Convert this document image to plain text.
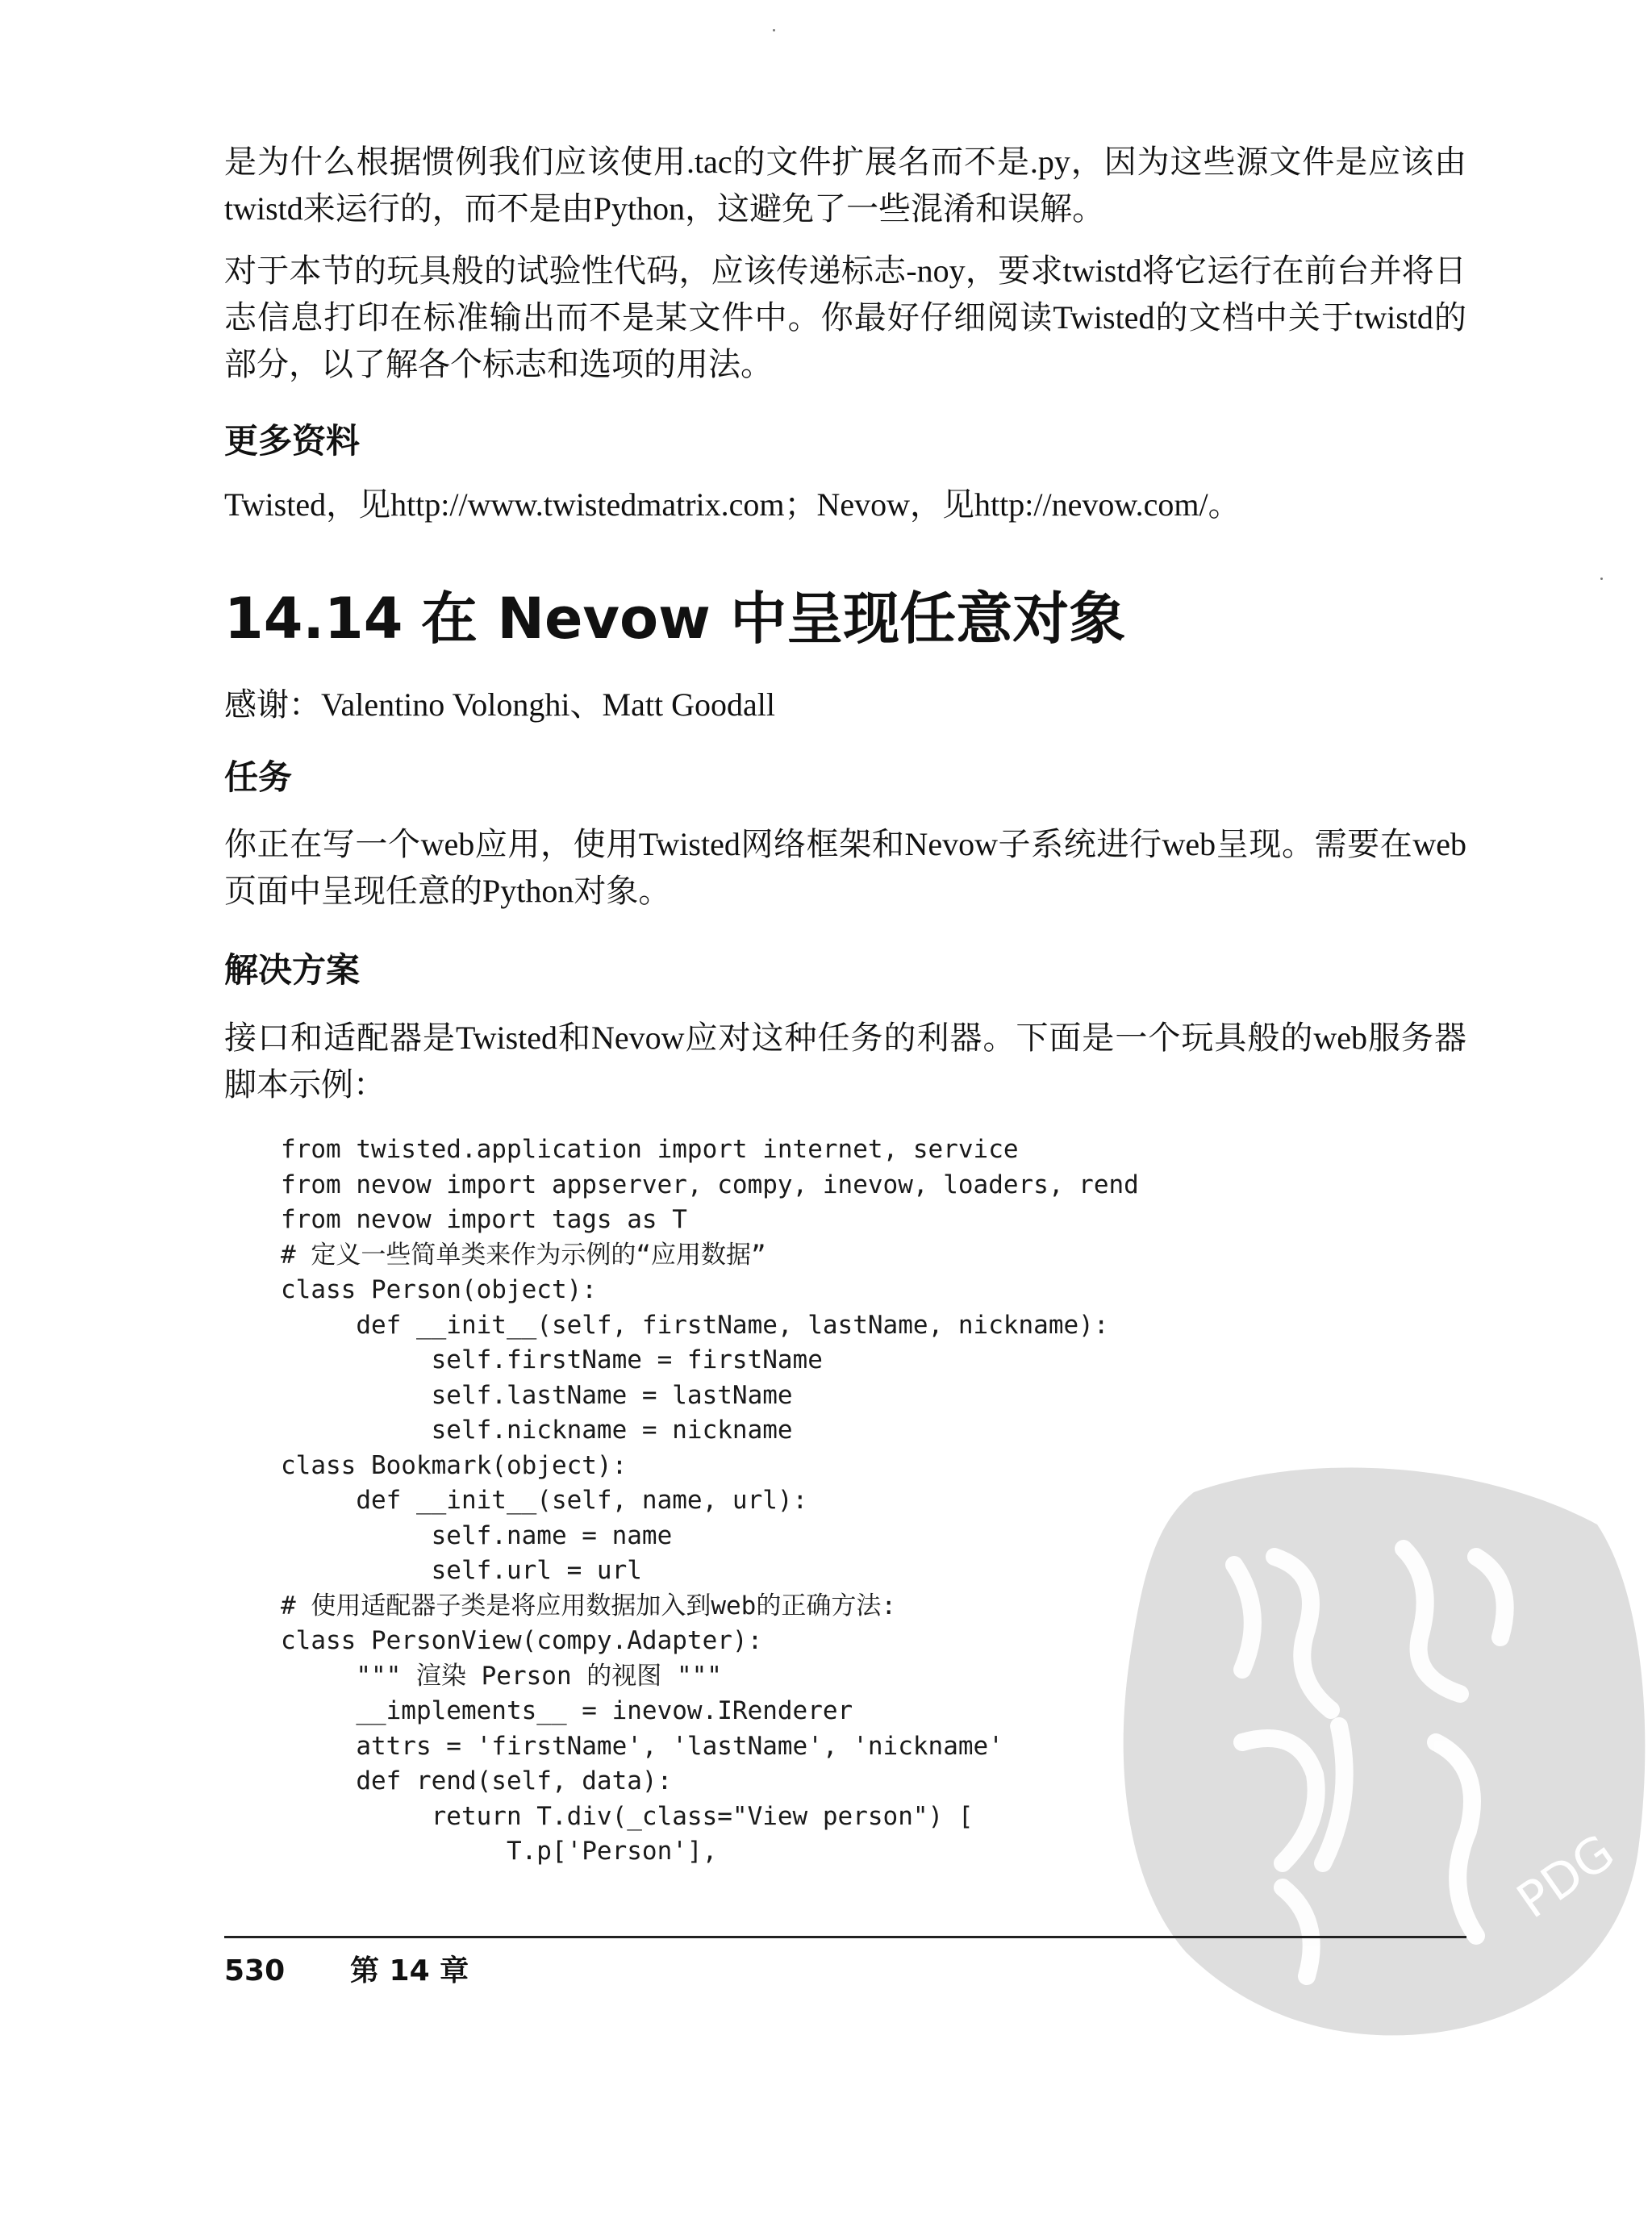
是为什么根据惯例我们应该使用.tac的文件扩展名而不是.py，因为这些源文件是应该由twistd来运行的，而不是由Python，这避免了一些混淆和误解。

对于本节的玩具般的试验性代码，应该传递标志-noy，要求twistd将它运行在前台并将日志信息打印在标准输出而不是某文件中。你最好仔细阅读Twisted的文档中关于twistd的部分，以了解各个标志和选项的用法。

更多资料

Twisted，见http://www.twistedmatrix.com；Nevow，见http://nevow.com/。

14.14 在 Nevow 中呈现任意对象

感谢：Valentino Volonghi、Matt Goodall

任务

你正在写一个web应用，使用Twisted网络框架和Nevow子系统进行web呈现。需要在web页面中呈现任意的Python对象。

解决方案

接口和适配器是Twisted和Nevow应对这种任务的利器。下面是一个玩具般的web服务器脚本示例：

from twisted.application import internet, service
from nevow import appserver, compy, inevow, loaders, rend
from nevow import tags as T
# 定义一些简单类来作为示例的“应用数据”
class Person(object):
def __init__(self, firstName, lastName, nickname):
self.firstName = firstName
self.lastName = lastName
self.nickname = nickname
class Bookmark(object):
def __init__(self, name, url):
self.name = name
self.url = url
# 使用适配器子类是将应用数据加入到web的正确方法:
class PersonView(compy.Adapter):
""" 渲染 Person 的视图 """
__implements__ = inevow.IRenderer
attrs = 'firstName', 'lastName', 'nickname'
def rend(self, data):
return T.div(_class="View person") [
T.p['Person'],	PDG

530 第 14 章
